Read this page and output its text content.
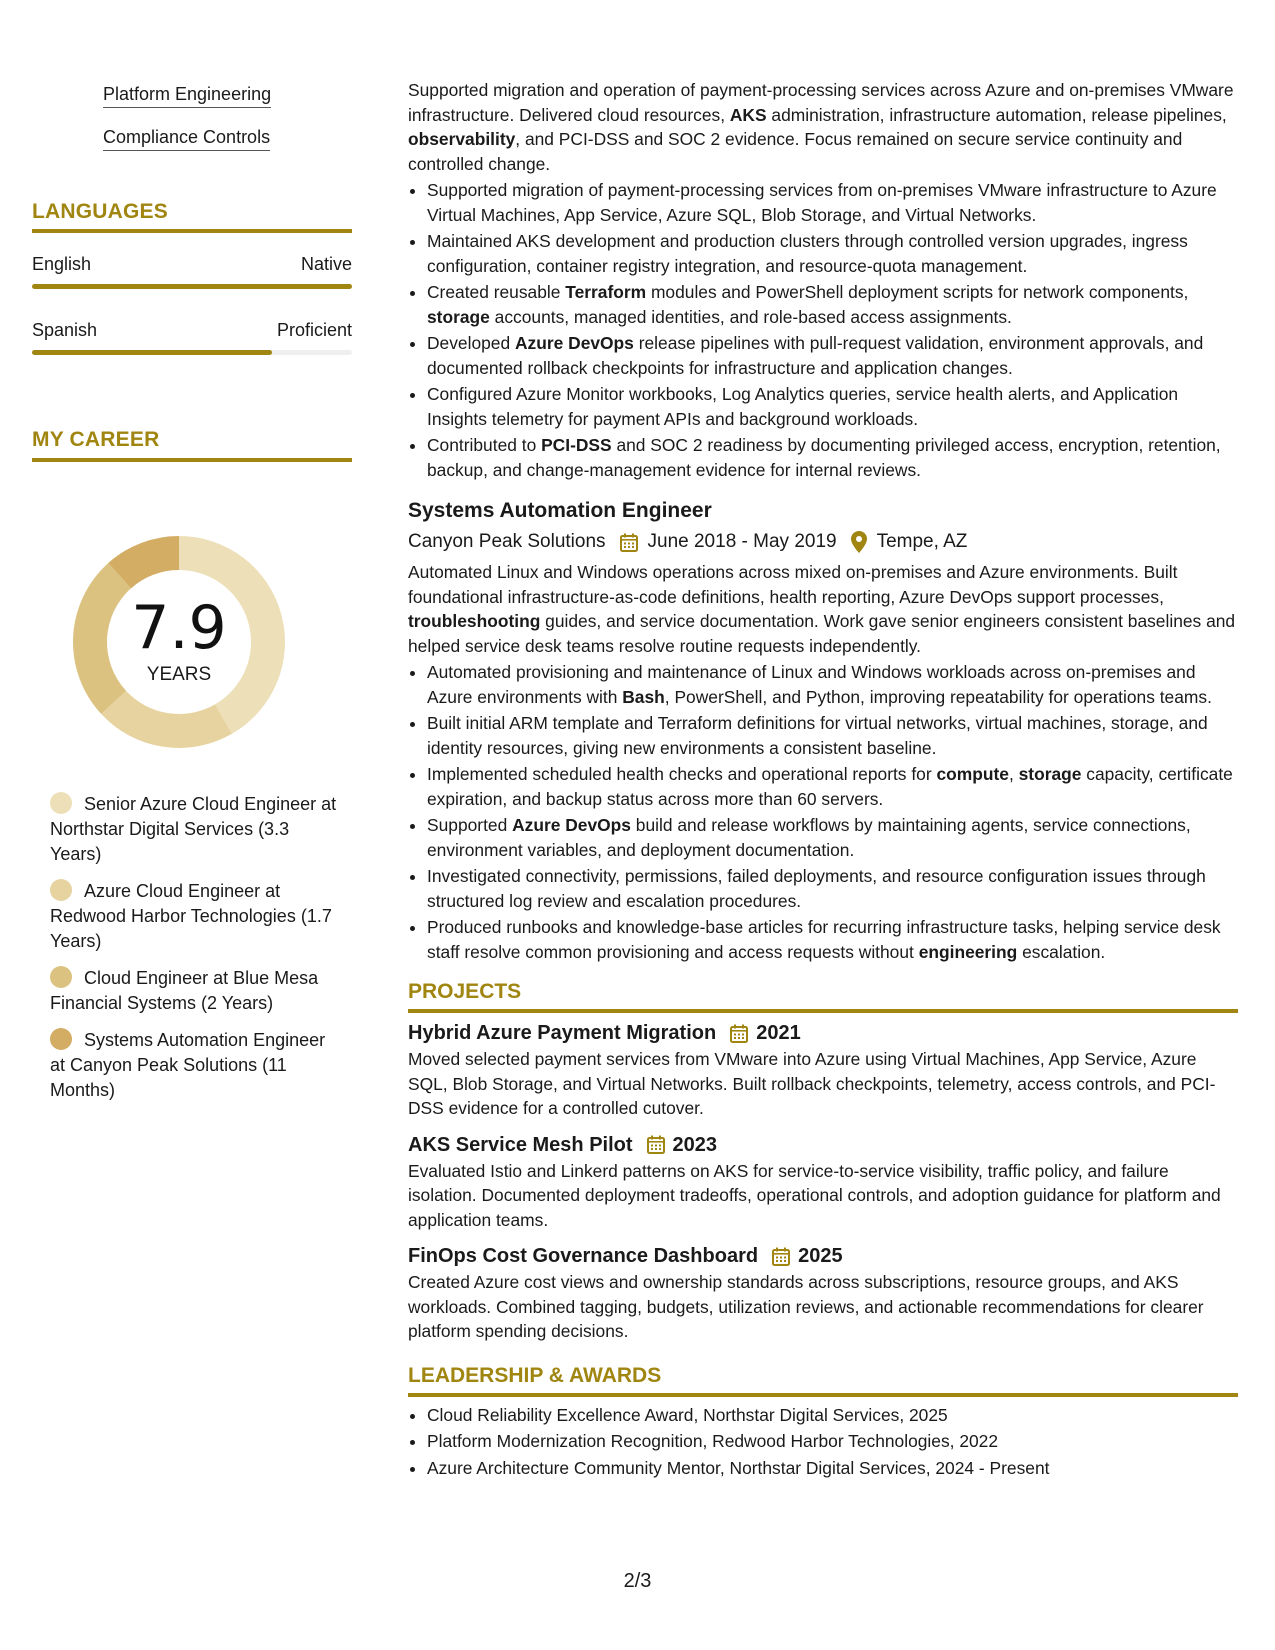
Platform Engineering
Compliance Controls
LANGUAGES
English	Native
Spanish	Proficient
MY CAREER
7.9
YEARS
Senior Azure Cloud Engineer at Northstar Digital Services (3.3 Years)
Azure Cloud Engineer at Redwood Harbor Technologies (1.7 Years)
Cloud Engineer at Blue Mesa Financial Systems (2 Years)
Systems Automation Engineer at Canyon Peak Solutions (11 Months)

Supported migration and operation of payment-processing services across Azure and on-premises VMware infrastructure. Delivered cloud resources, AKS administration, infrastructure automation, release pipelines, observability, and PCI-DSS and SOC 2 evidence. Focus remained on secure service continuity and controlled change.

• Supported migration of payment-processing services from on-premises VMware infrastructure to Azure Virtual Machines, App Service, Azure SQL, Blob Storage, and Virtual Networks.
• Maintained AKS development and production clusters through controlled version upgrades, ingress configuration, container registry integration, and resource-quota management.
• Created reusable Terraform modules and PowerShell deployment scripts for network components, storage accounts, managed identities, and role-based access assignments.
• Developed Azure DevOps release pipelines with pull-request validation, environment approvals, and documented rollback checkpoints for infrastructure and application changes.
• Configured Azure Monitor workbooks, Log Analytics queries, service health alerts, and Application Insights telemetry for payment APIs and background workloads.
• Contributed to PCI-DSS and SOC 2 readiness by documenting privileged access, encryption, retention, backup, and change-management evidence for internal reviews.
Systems Automation Engineer
Canyon Peak Solutions June 2018 - May 2019 Tempe, AZ

Automated Linux and Windows operations across mixed on-premises and Azure environments. Built foundational infrastructure-as-code definitions, health reporting, Azure DevOps support processes, troubleshooting guides, and service documentation. Work gave senior engineers consistent baselines and helped service desk teams resolve routine requests independently.

• Automated provisioning and maintenance of Linux and Windows workloads across on-premises and Azure environments with Bash, PowerShell, and Python, improving repeatability for operations teams.
• Built initial ARM template and Terraform definitions for virtual networks, virtual machines, storage, and identity resources, giving new environments a consistent baseline.
• Implemented scheduled health checks and operational reports for compute, storage capacity, certificate expiration, and backup status across more than 60 servers.
• Supported Azure DevOps build and release workflows by maintaining agents, service connections, environment variables, and deployment documentation.
• Investigated connectivity, permissions, failed deployments, and resource configuration issues through structured log review and escalation procedures.
• Produced runbooks and knowledge-base articles for recurring infrastructure tasks, helping service desk staff resolve common provisioning and access requests without engineering escalation.
PROJECTS
Hybrid Azure Payment Migration 2021

Moved selected payment services from VMware into Azure using Virtual Machines, App Service, Azure SQL, Blob Storage, and Virtual Networks. Built rollback checkpoints, telemetry, access controls, and PCI-DSS evidence for a controlled cutover.

AKS Service Mesh Pilot 2023

Evaluated Istio and Linkerd patterns on AKS for service-to-service visibility, traffic policy, and failure isolation. Documented deployment tradeoffs, operational controls, and adoption guidance for platform and application teams.

FinOps Cost Governance Dashboard 2025

Created Azure cost views and ownership standards across subscriptions, resource groups, and AKS workloads. Combined tagging, budgets, utilization reviews, and actionable recommendations for clearer platform spending decisions.

LEADERSHIP & AWARDS
• Cloud Reliability Excellence Award, Northstar Digital Services, 2025
• Platform Modernization Recognition, Redwood Harbor Technologies, 2022
• Azure Architecture Community Mentor, Northstar Digital Services, 2024 - Present
2/3
